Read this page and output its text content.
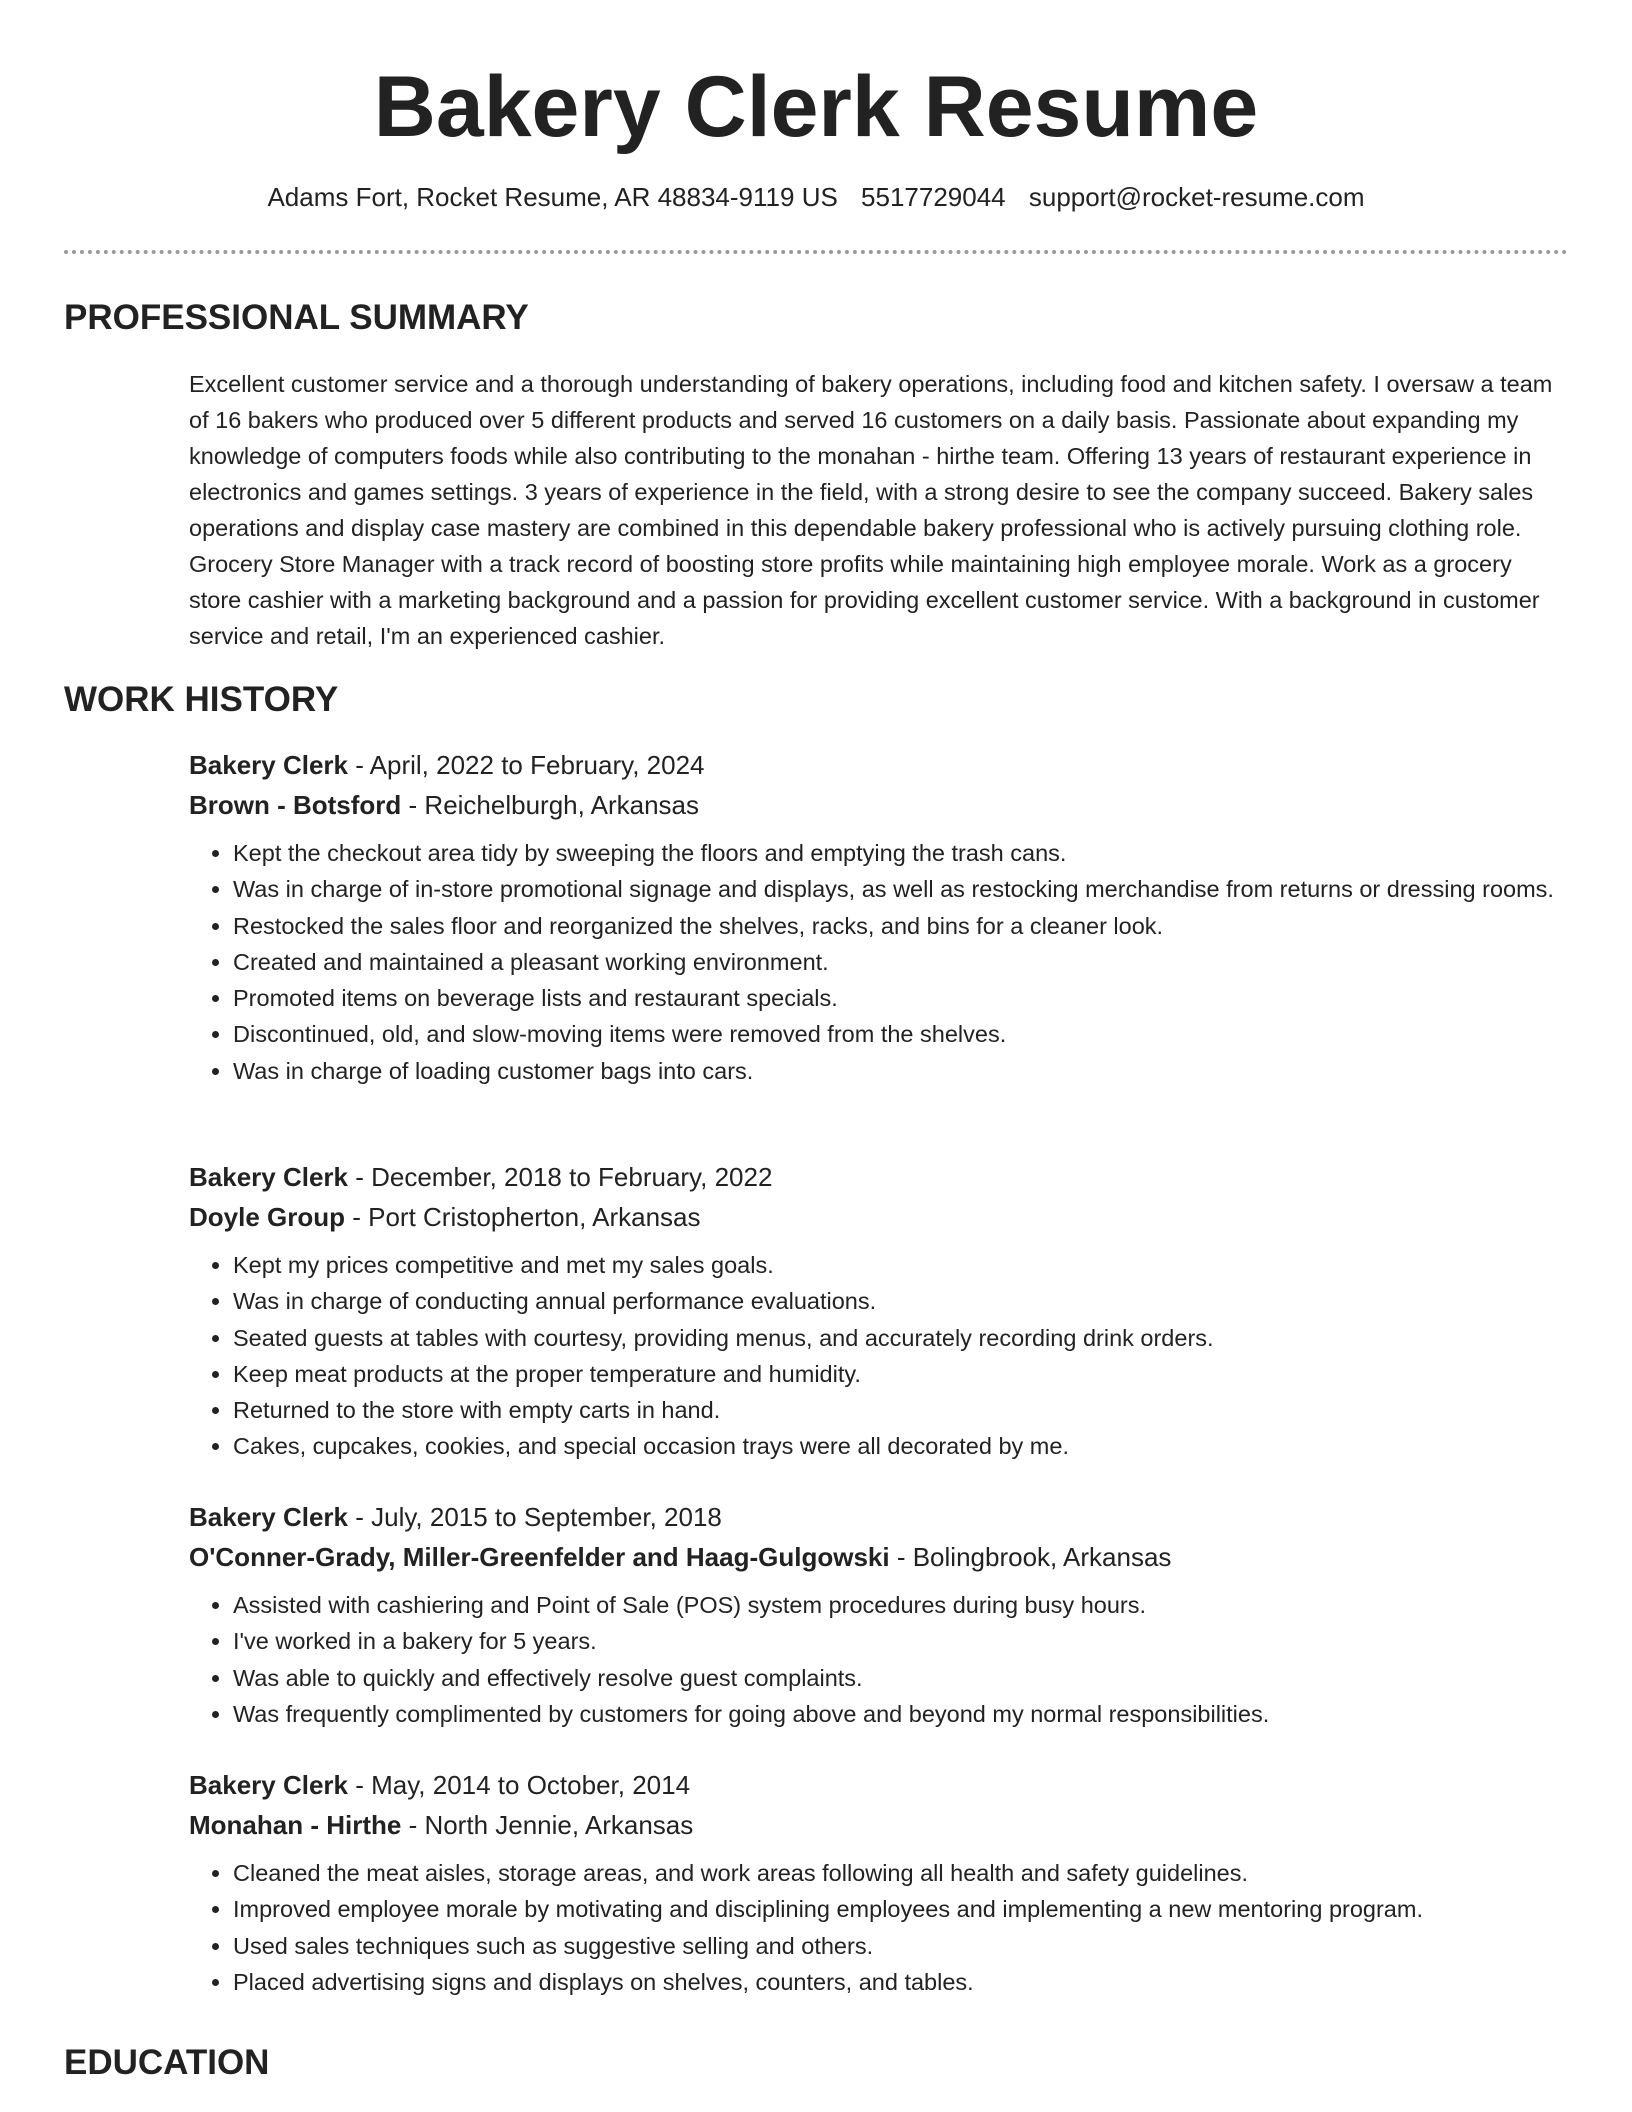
Bakery Clerk Resume
Adams Fort, Rocket Resume, AR 48834-9119 US 5517729044 support@rocket-resume.com
PROFESSIONAL SUMMARY

Excellent customer service and a thorough understanding of bakery operations, including food and kitchen safety. I oversaw a team of 16 bakers who produced over 5 different products and served 16 customers on a daily basis. Passionate about expanding my knowledge of computers foods while also contributing to the monahan - hirthe team. Offering 13 years of restaurant experience in electronics and games settings. 3 years of experience in the field, with a strong desire to see the company succeed. Bakery sales operations and display case mastery are combined in this dependable bakery professional who is actively pursuing clothing role. Grocery Store Manager with a track record of boosting store profits while maintaining high employee morale. Work as a grocery store cashier with a marketing background and a passion for providing excellent customer service. With a background in customer service and retail, I'm an experienced cashier.

WORK HISTORY
Bakery Clerk - April, 2022 to February, 2024
Brown - Botsford - Reichelburgh, Arkansas
• Kept the checkout area tidy by sweeping the floors and emptying the trash cans.
• Was in charge of in-store promotional signage and displays, as well as restocking merchandise from returns or dressing rooms.
• Restocked the sales floor and reorganized the shelves, racks, and bins for a cleaner look.
• Created and maintained a pleasant working environment.
• Promoted items on beverage lists and restaurant specials.
• Discontinued, old, and slow-moving items were removed from the shelves.
• Was in charge of loading customer bags into cars.
Bakery Clerk - December, 2018 to February, 2022
Doyle Group - Port Cristopherton, Arkansas
• Kept my prices competitive and met my sales goals.
• Was in charge of conducting annual performance evaluations.
• Seated guests at tables with courtesy, providing menus, and accurately recording drink orders.
• Keep meat products at the proper temperature and humidity.
• Returned to the store with empty carts in hand.
• Cakes, cupcakes, cookies, and special occasion trays were all decorated by me.
Bakery Clerk - July, 2015 to September, 2018
O'Conner-Grady, Miller-Greenfelder and Haag-Gulgowski - Bolingbrook, Arkansas
• Assisted with cashiering and Point of Sale (POS) system procedures during busy hours.
• I've worked in a bakery for 5 years.
• Was able to quickly and effectively resolve guest complaints.
• Was frequently complimented by customers for going above and beyond my normal responsibilities.
Bakery Clerk - May, 2014 to October, 2014
Monahan - Hirthe - North Jennie, Arkansas
• Cleaned the meat aisles, storage areas, and work areas following all health and safety guidelines.
• Improved employee morale by motivating and disciplining employees and implementing a new mentoring program.
• Used sales techniques such as suggestive selling and others.
• Placed advertising signs and displays on shelves, counters, and tables.
EDUCATION
